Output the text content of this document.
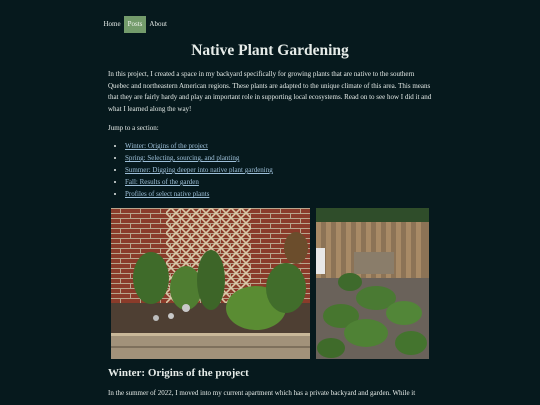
Home	Posts	About
Native Plant Gardening

In this project, I created a space in my backyard specifically for growing plants that are native to the southern Quebec and northeastern American regions. These plants are adapted to the unique climate of this area. This means that they are fairly hardy and play an important role in supporting local ecosystems. Read on to see how I did it and what I learned along the way!

Jump to a section:

• Winter: Origins of the project
• Spring: Selecting, sourcing, and planting
• Summer: Digging deeper into native plant gardening
• Fall: Results of the garden
• Profiles of select native plants
Winter: Origins of the project

In the summer of 2022, I moved into my current apartment which has a private backyard and garden. While it
